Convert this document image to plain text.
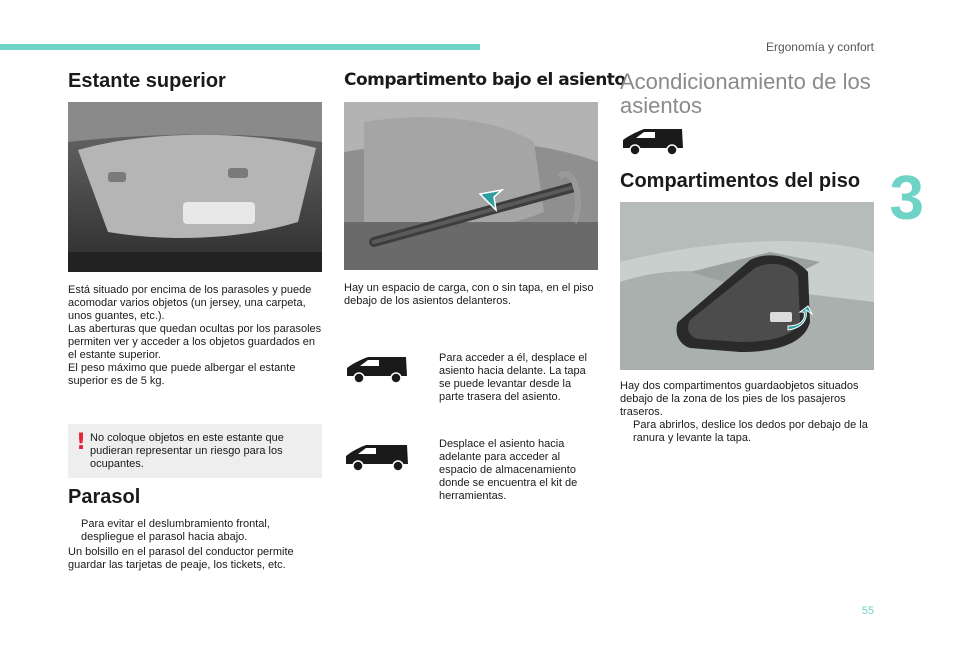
Ergonomía y confort
3
55
Estante superior
Está situado por encima de los parasoles y puede acomodar varios objetos (un jersey, una carpeta, unos guantes, etc.).
Las aberturas que quedan ocultas por los parasoles permiten ver y acceder a los objetos guardados en el estante superior.
El peso máximo que puede albergar el estante superior es de 5 kg.
! No coloque objetos en este estante que pudieran representar un riesgo para los ocupantes.
Parasol
Para evitar el deslumbramiento frontal, despliegue el parasol hacia abajo.
Un bolsillo en el parasol del conductor permite guardar las tarjetas de peaje, los tickets, etc.
Compartimento bajo el asiento
Hay un espacio de carga, con o sin tapa, en el piso debajo de los asientos delanteros.
Para acceder a él, desplace el asiento hacia delante. La tapa se puede levantar desde la parte trasera del asiento.
Desplace el asiento hacia adelante para acceder al espacio de almacenamiento donde se encuentra el kit de herramientas.
Acondicionamiento de los asientos
Compartimentos del piso
Hay dos compartimentos guardaobjetos situados debajo de la zona de los pies de los pasajeros traseros.
Para abrirlos, deslice los dedos por debajo de la ranura y levante la tapa.
